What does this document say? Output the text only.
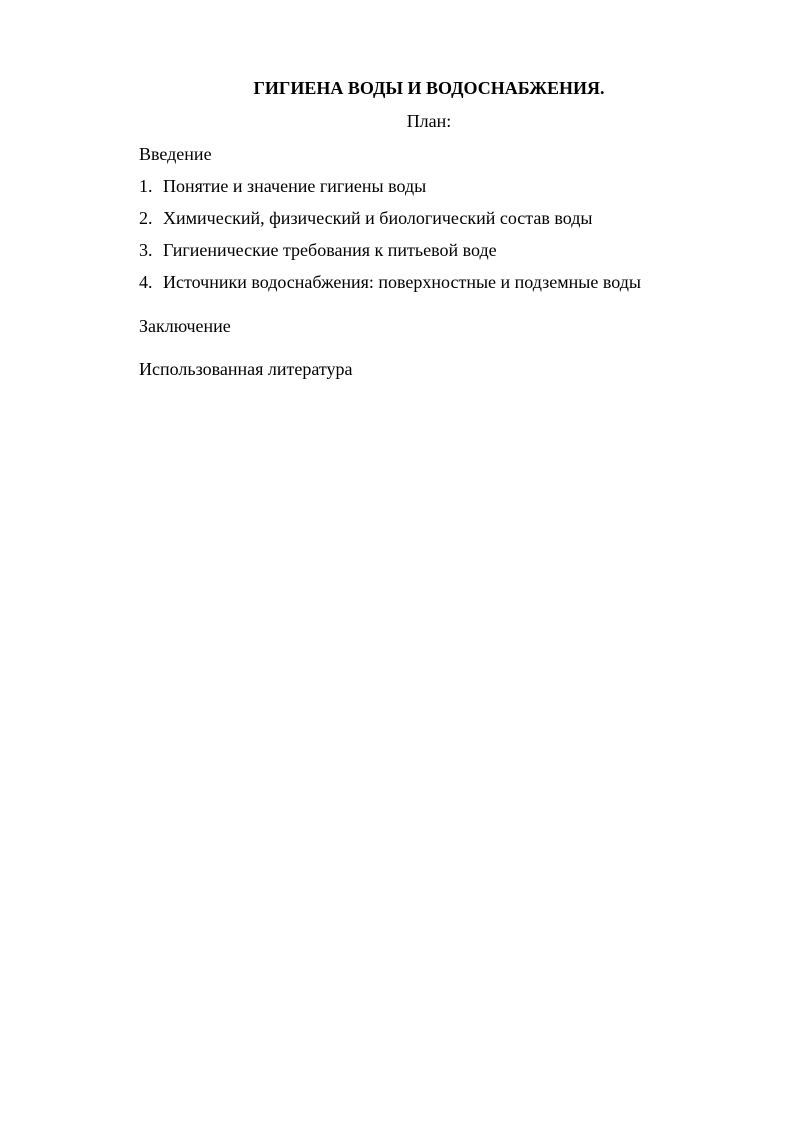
ГИГИЕНА ВОДЫ И ВОДОСНАБЖЕНИЯ.
План:
Введение
1. Понятие и значение гигиены воды
2. Химический, физический и биологический состав воды
3. Гигиенические требования к питьевой воде
4. Источники водоснабжения: поверхностные и подземные воды
Заключение
Использованная литература
